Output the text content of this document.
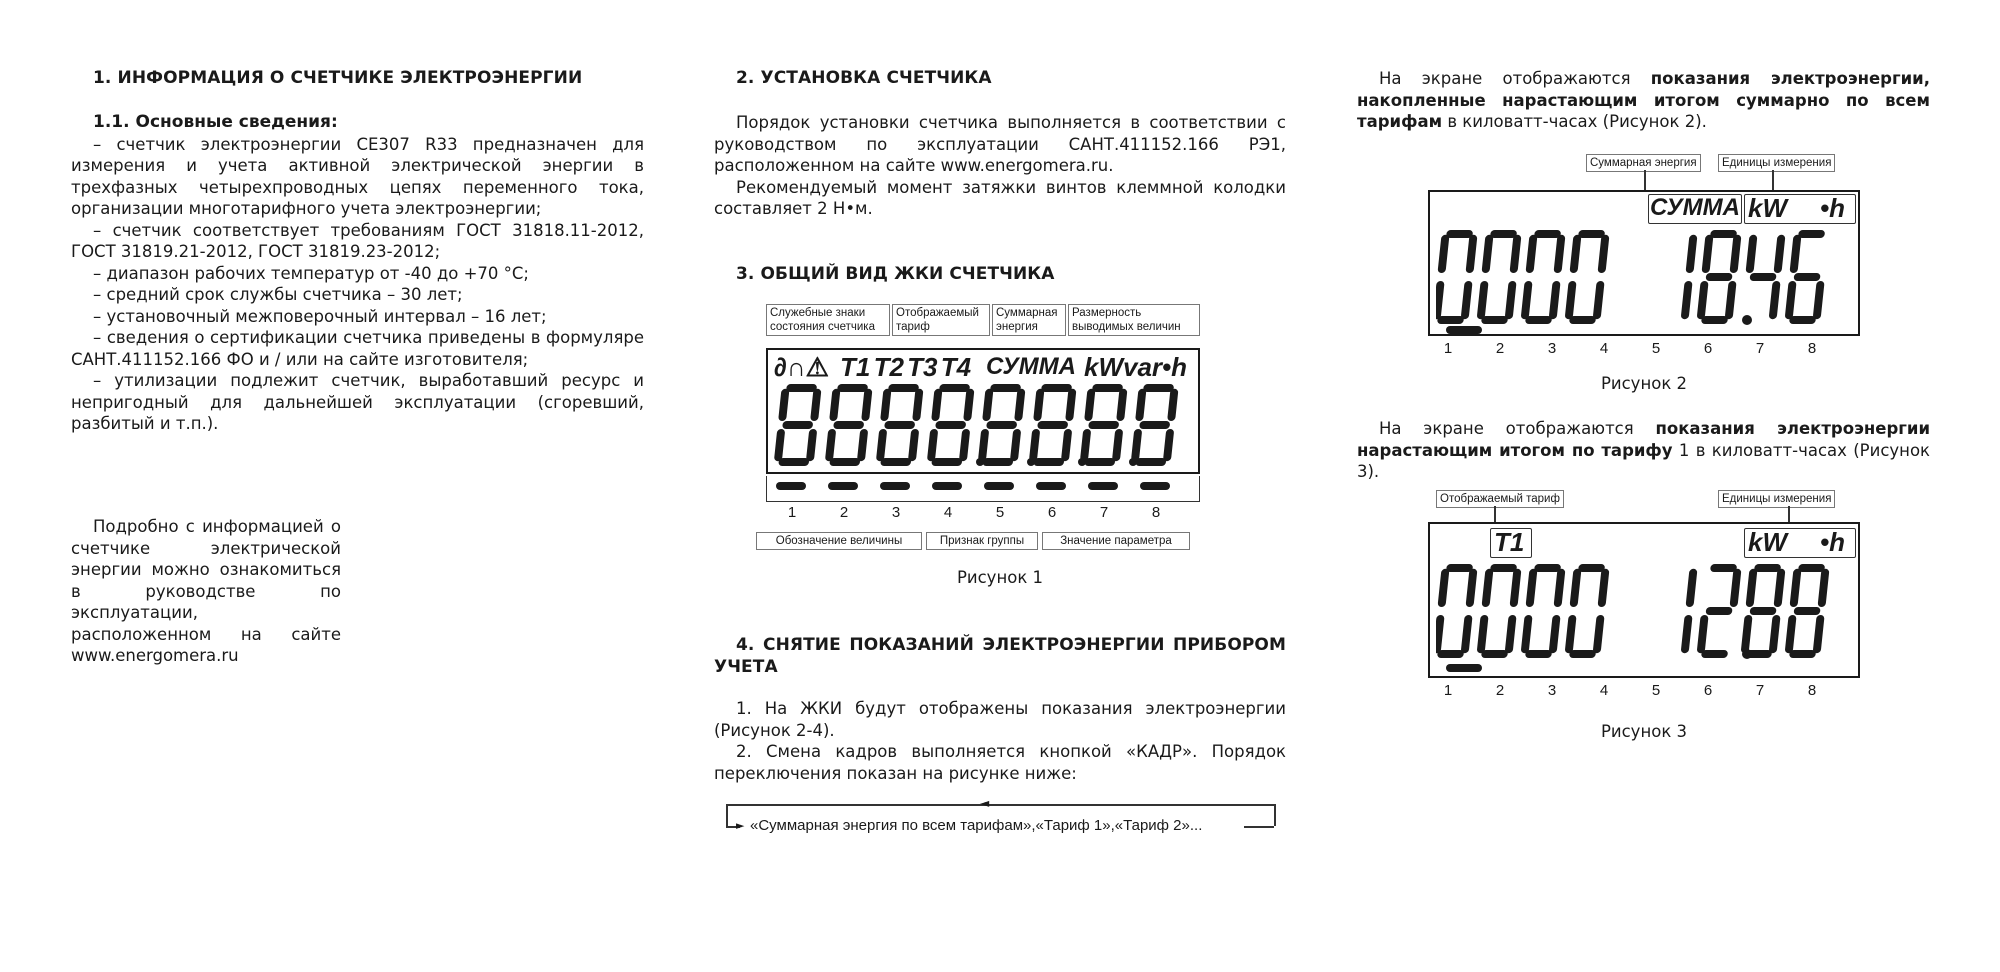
1. ИНФОРМАЦИЯ О СЧЕТЧИКЕ ЭЛЕКТРОЭНЕРГИИ

1.1. Основные сведения:

– счетчик электроэнергии СЕ307 R33 предназначен для измерения и учета активной электрической энергии в трехфазных четырехпроводных цепях переменного тока, организации многотарифного учета электроэнергии;

– счетчик соответствует требованиям ГОСТ 31818.11-2012, ГОСТ 31819.21-2012, ГОСТ 31819.23-2012;

– диапазон рабочих температур от -40 до +70 °С;

– средний срок службы счетчика – 30 лет;

– установочный межповерочный интервал – 16 лет;

– сведения о сертификации счетчика приведены в формуляре САНТ.411152.166 ФО и / или на сайте изготовителя;

– утилизации подлежит счетчик, выработавший ресурс и непригодный для дальнейшей эксплуатации (сгоревший, разбитый и т.п.).

Подробно с информацией о счетчике электрической энергии можно ознакомиться в руководстве по эксплуатации, расположенном на сайте www.energomera.ru

2. УСТАНОВКА СЧЕТЧИКА

Порядок установки счетчика выполняется в соответствии с руководством по эксплуатации САНТ.411152.166 РЭ1, расположенном на сайте www.energomera.ru.

Рекомендуемый момент затяжки винтов клеммной колодки составляет 2 Н•м.

3. ОБЩИЙ ВИД ЖКИ СЧЕТЧИКА
Служебные знаки состояния счетчика
Отображаемый тариф
Суммарная энергия
Размерность выводимых величин
∂∩⚠ T1 T2 T3 T4 СУММА kWvar•h
1	2	3	4	5	6	7	8
Обозначение величины	Признак группы	Значение параметра
Рисунок 1
4. СНЯТИЕ ПОКАЗАНИЙ ЭЛЕКТРОЭНЕРГИИ ПРИБОРОМ УЧЕТА

1. На ЖКИ будут отображены показания электроэнергии (Рисунок 2-4).

2. Смена кадров выполняется кнопкой «КАДР». Порядок переключения показан на рисунке ниже:

◄
► «Суммарная энергия по всем тарифам»,«Тариф 1»,«Тариф 2»...

На экране отображаются показания электроэнергии, накопленные нарастающим итогом суммарно по всем тарифам в киловатт-часах (Рисунок 2).

Суммарная энергия	Единицы измерения
СУММА kW •h
1	2	3	4	5	6	7	8
Рисунок 2

На экране отображаются показания электроэнергии нарастающим итогом по тарифу 1 в киловатт-часах (Рисунок 3).

Отображаемый тариф	Единицы измерения
T1	kW •h
1	2	3	4	5	6	7	8
Рисунок 3
